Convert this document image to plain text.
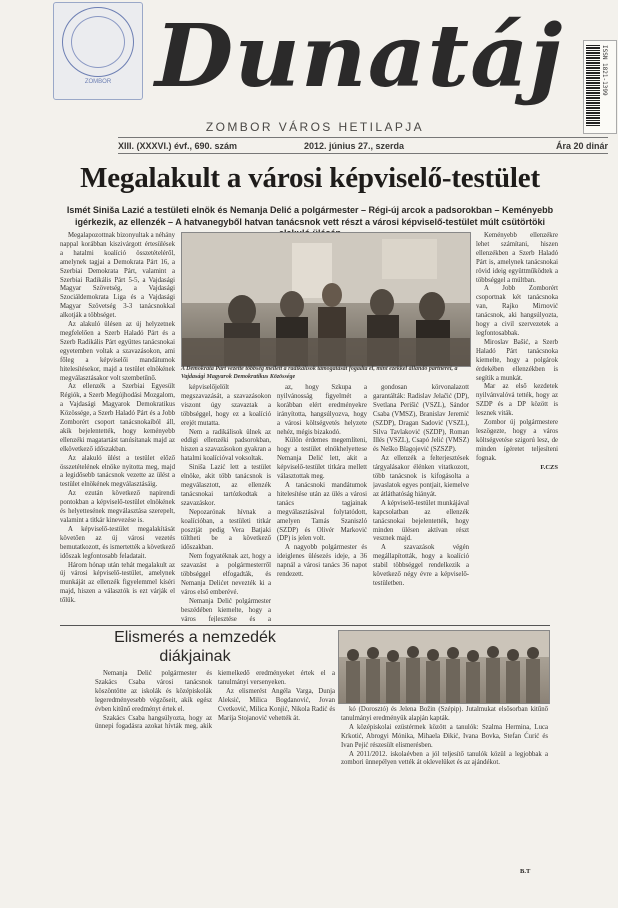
ZOMBOR Dunatáj	ISSN 1821-1399
ZOMBOR VÁROS HETILAPJA
XIII. (XXXVI.) évf., 690. szám	2012. június 27., szerda	Ára 20 dinár
Megalakult a városi képviselő-testület
Ismét Siniša Lazić a testületi elnök és Nemanja Delić a polgármester – Régi-új arcok a padsorokban – Keményebb igérkezik, az ellenzék – A hatvanegyből hatvan tanácsnok vett részt a városi képviselő-testület múlt csütörtöki

Megalapozottnak bizonyultak a néhány nappal korábban kiszivárgott értesülések a hatalmi koalíció összetételéről, amelynek tagjai a Demokrata Párt 16, a Szerbiai Demokrata Párt, valamint a Szerbiai Radikális Párt 5-5, a Vajdasági Magyar Szövetség, a Vajdasági Szociáldemokrata Liga és a Vajdasági Magyar Szövetség 3-3 tanácsnokkal alkotják a többséget.

Az alakuló ülésen az új helyzetnek megfelelően a Szerb Haladó Párt és a Szerb Radikális Párt együttes tanácsnokai egyetemben voltak a szavazásokon, ami főleg a képviselői mandátumok hitelesítésekor, majd a testület elnökének megválasztásakor volt szembetűnő.

Az ellenzék a Szerbiai Egyesült Régiók, a Szerb Megújhodási Mozgalom, a Vajdasági Magyarok Demokratikus Közössége, a Szerb Haladó Párt és a Jobb Zomborért csoport tanácsnokaiból áll, akik bejelentették, hogy keményebb ellenzéki magatartást tanúsítanak majd az elkövetkező időszakban.

Az alakuló ülést a testület előző összetételének elnöke nyitotta meg, majd a legidősebb tanácsnok vezette az ülést a testület elnökének megválasztásáig.

Az ezután következő napirendi pontokban a képviselő-testület elnökének és helyettesének megválasztása szerepelt, valamint a titkár kinevezése is.

A képviselő-testület megalakítását követően az új városi vezetés bemutatkozott, és ismertették a következő időszak legfontosabb feladatait.

Három hónap után tehát megalakult az új városi képviselő-testület, amelynek munkáját az ellenzék figyelemmel kíséri majd, hiszen a választók is ezt várják el tőlük.

A Demokrata Párt vezette többség mellett a radikálisok támogatását fogadta el, mint ezekkel állandó partnerei, a Vajdasági Magyarok Demokratikus Közössége

képviselőjelölt megszavazását, a szavazásokon viszont úgy szavaztak a többséggel, hogy ez a koalíció erejét mutatta.

Nem a radikálisok ülnek az eddigi ellenzéki padsorokban, hiszen a szavazásokon gyakran a hatalmi koalícióval voksoltak.

Siniša Lazić lett a testület elnöke, akit több tanácsnok is megválasztott, az ellenzék tanácsnokai tartózkodtak a szavazáskor.

Nepozarónak hívnak a koalícióban, a testületi titkár posztját pedig Vera Batjaki töltheti be a következő időszakban.

Nem fogyatéknak azt, hogy a szavazást a polgármesterről többséggel elfogadták, és Nemanja Delićet nevezték ki a város első emberévé.

Nemanja Delić polgármester beszédében kiemelte, hogy a város fejlesztése és a

az, hogy Szkupa a nyilvánosság figyelmét a korábban elért eredményekre irányította, hangsúlyozva, hogy a városi költségvetés helyzete nehéz, mégis bizakodó.

Külön érdemes megemlíteni, hogy a testület elnökhelyettese Nemanja Delić lett, akit a képviselő-testület titkára mellett választottak meg.

A tanácsnoki mandátumok hitelesítése után az ülés a városi tanács tagjainak megválasztásával folytatódott, amelyen Tamás Szaniszló (SZDP) és Olivér Marković (DP) is jelen volt.

A nagyobb polgármester és ideiglenes ülésezés ideje, a 36 napnál a városi tanács 36 napot rendezett.

gondosan körvonalazott garantálták: Radislav Jelačić (DP), Svetlana Perišić (VSZL), Sándor Csaba (VMSZ), Branislav Jeremić (SZDP), Dragan Sadović (VSZL), Silva Tavlaković (SZDP), Roman Illés (VSZL), Csapó Jelić (VMSZ) és Neško Blagojević (SZSZP).

Az ellenzék a felterjesztések tárgyalásakor élénken vitatkozott, több tanácsnok is kifogásolta a javaslatok egyes pontjait, kiemelve az átláthatóság hiányát.

A képviselő-testület munkájával kapcsolatban az ellenzék tanácsnokai bejelentették, hogy minden ülésen aktívan részt vesznek majd.

A szavazások végén megállapították, hogy a koalíció stabil többséggel rendelkezik a következő négy évre a képviselő-testületben.

Keményebb ellenzékre lehet számítani, hiszen ellenzékben a Szerb Haladó Párt is, amelynek tanácsnokai rövid ideig együttműködtek a többséggel a múltban.

A Jobb Zomborért csoportnak két tanácsnoka van, Rajko Mirnović tanácsnok, aki hangsúlyozta, hogy a civil szervezetek a legfontosabbak.

Miroslav Bašić, a Szerb Haladó Párt tanácsnoka kiemelte, hogy a polgárok érdekében ellenzékben is segítik a munkát.

Mar az első kezdetek nyilvánvalóvá tették, hogy az SZDP és a DP között is lesznek viták.

Zombor új polgármestere leszögezte, hogy a város költségvetése szigorú lesz, de minden ígéretet teljesíteni fognak.

F.CZS

Elismerés a nemzedék diákjainak

Nemanja Delić polgármester és Szakács Csaba városi tanácsnok köszöntötte az iskolák és középiskolák legeredményesebb végzőseit, akik egész évben kitűnő eredményt értek el.

Szakács Csaba hangsúlyozta, hogy az ünnepi fogadásra azokat hívták meg, akik kiemelkedő eredményeket értek el a tanulmányi versenyeken.

Az elismerést Angéla Varga, Dunja Aleksić, Milica Bogdanović, Jovan Cvetković, Milica Konjić, Nikola Radić és Marija Stojanović vehették át.

kó (Dorosztó) és Jelena Božin (Szépip). Jutalmukat elsősorban kitűnő tanulmányi eredményük alapján kapták.

A középiskolai ezüstérmek között a tanulók: Szalma Hermina, Luca Krkotić, Abrogyi Mónika, Mihaela Đikić, Ivana Bovka, Stefan Ćurić és Ivan Pejić részesült elismerésben.

A 2011/2012. iskolaévben a jól teljesítő tanulók közül a legjobbak a zombori ünnepélyen vették át oklevelüket és az ajándékot.

B.T
